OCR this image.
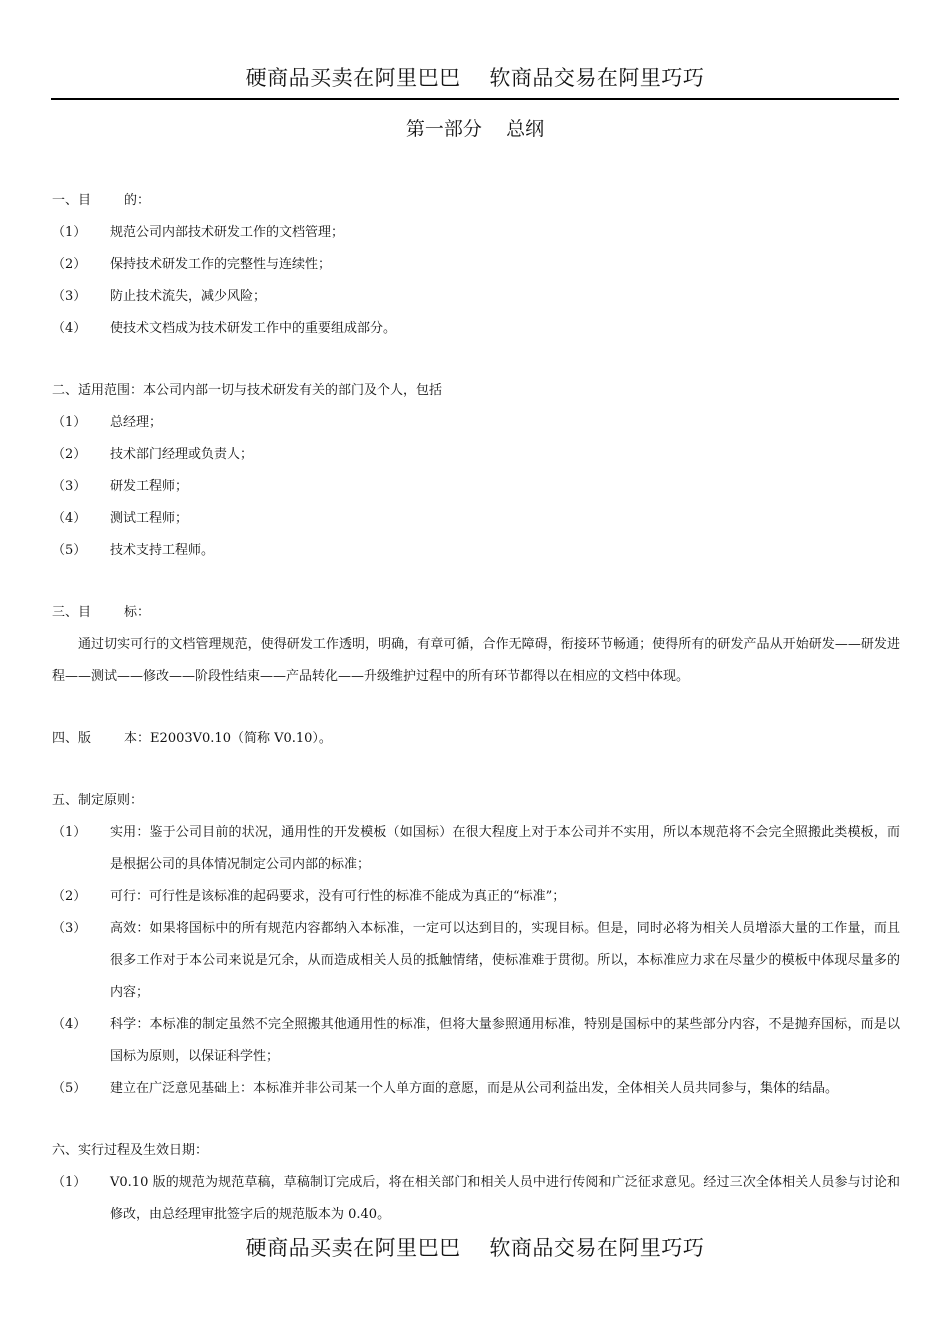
硬商品买卖在阿里巴巴    软商品交易在阿里巧巧
第一部分    总纲

一、目        的：

（1）	规范公司内部技术研发工作的文档管理；
（2）	保持技术研发工作的完整性与连续性；
（3）	防止技术流失，减少风险；
（4）	使技术文档成为技术研发工作中的重要组成部分。

二、适用范围：本公司内部一切与技术研发有关的部门及个人，包括

（1）	总经理；
（2）	技术部门经理或负责人；
（3）	研发工程师；
（4）	测试工程师；
（5）	技术支持工程师。

三、目        标：

通过切实可行的文档管理规范，使得研发工作透明，明确，有章可循，合作无障碍，衔接环节畅通；使得所有的研发产品从开始研发——研发进程——测试——修改——阶段性结束——产品转化——升级维护过程中的所有环节都得以在相应的文档中体现。

四、版        本：E2003V0.10（简称 V0.10）。

五、制定原则：

（1）	实用：鉴于公司目前的状况，通用性的开发模板（如国标）在很大程度上对于本公司并不实用，所以本规范将不会完全照搬此类模板，而是根据公司的具体情况制定公司内部的标准；
（2）	可行：可行性是该标准的起码要求，没有可行性的标准不能成为真正的“标准”；
（3）	高效：如果将国标中的所有规范内容都纳入本标准，一定可以达到目的，实现目标。但是，同时必将为相关人员增添大量的工作量，而且很多工作对于本公司来说是冗余，从而造成相关人员的抵触情绪，使标准难于贯彻。所以，本标准应力求在尽量少的模板中体现尽量多的内容；
（4）	科学：本标准的制定虽然不完全照搬其他通用性的标准，但将大量参照通用标准，特别是国标中的某些部分内容，不是抛弃国标，而是以国标为原则，以保证科学性；
（5）	建立在广泛意见基础上：本标准并非公司某一个人单方面的意愿，而是从公司利益出发，全体相关人员共同参与，集体的结晶。

六、实行过程及生效日期：

（1）	V0.10 版的规范为规范草稿，草稿制订完成后，将在相关部门和相关人员中进行传阅和广泛征求意见。经过三次全体相关人员参与讨论和修改，由总经理审批签字后的规范版本为 0.40。
硬商品买卖在阿里巴巴    软商品交易在阿里巧巧
